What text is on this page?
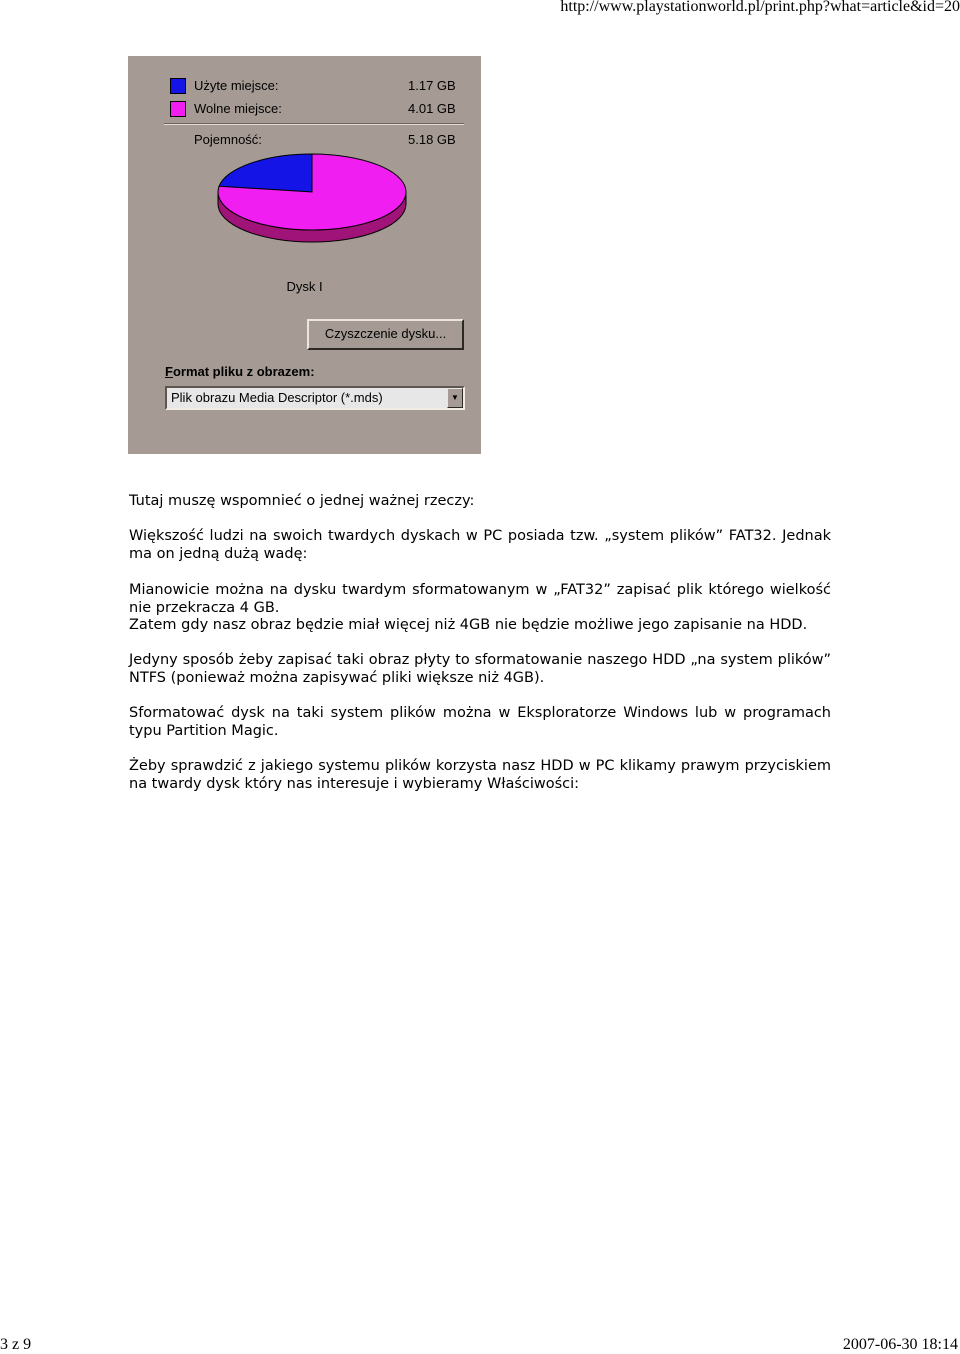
http://www.playstationworld.pl/print.php?what=article&id=20
Użyte miejsce:	1.17 GB
Wolne miejsce:	4.01 GB
Pojemność:	5.18 GB
Dysk I
Czyszczenie dysku...
Format pliku z obrazem:
Plik obrazu Media Descriptor (*.mds)	▼
Tutaj muszę wspomnieć o jednej ważnej rzeczy:
Większość ludzi na swoich twardych dyskach w PC posiada tzw. „system plików” FAT32. Jednak ma on jedną dużą wadę:
Mianowicie można na dysku twardym sformatowanym w „FAT32” zapisać plik którego wielkość nie przekracza 4 GB.
Zatem gdy nasz obraz będzie miał więcej niż 4GB nie będzie możliwe jego zapisanie na HDD.
Jedyny sposób żeby zapisać taki obraz płyty to sformatowanie naszego HDD „na system plików” NTFS (ponieważ można zapisywać pliki większe niż 4GB).
Sformatować dysk na taki system plików można w Eksploratorze Windows lub w programach typu Partition Magic.
Żeby sprawdzić z jakiego systemu plików korzysta nasz HDD w PC klikamy prawym przyciskiem na twardy dysk który nas interesuje i wybieramy Właściwości:
3 z 9	2007-06-30 18:14
